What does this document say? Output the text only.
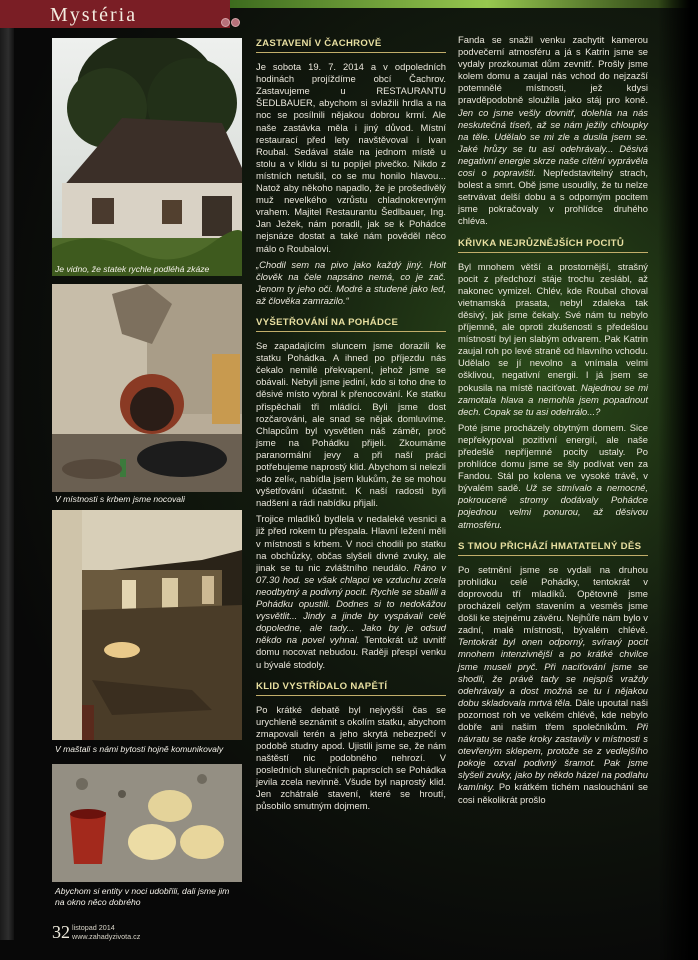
Mystéria
Je vidno, že statek rychle podléhá zkáze
V místnosti s krbem jsme nocovali
V maštali s námi bytosti hojně komunikovaly
Abychom si entity v noci udobřili, dali jsme jim na okno něco dobrého
ZASTAVENÍ V ČACHROVĚ

Je sobota 19. 7. 2014 a v odpoledních hodinách projíždíme obcí Čachrov. Zastavujeme u RESTAURANTU ŠEDLBAUER, abychom si svlažili hrdla a na noc se posílnili nějakou dobrou krmí. Ale naše zastávka měla i jiný důvod. Místní restaurací před lety navštěvoval i Ivan Roubal. Sedával stále na jednom místě u stolu a v klidu si tu popíjel pivečko. Nikdo z místních netušil, co se mu honilo hlavou... Natož aby někoho napadlo, že je prošedivělý muž nevelkého vzrůstu chladnokrevným vrahem. Majitel Restaurantu Šedlbauer, Ing. Jan Ježek, nám poradil, jak se k Pohádce nejsnáze dostat a také nám pověděl něco málo o Roubalovi.

„Chodil sem na pivo jako každý jiný. Holt člověk na čele napsáno nemá, co je zač. Jenom ty jeho oči. Modré a studené jako led, až člověka zamrazilo.“

VYŠETŘOVÁNÍ NA POHÁDCE

Se zapadajícím sluncem jsme dorazili ke statku Pohádka. A ihned po příjezdu nás čekalo nemilé překvapení, jehož jsme se obávali. Nebyli jsme jediní, kdo si toho dne to děsivé místo vybral k přenocování. Ke statku přispěchali tři mládíci. Byli jsme dost rozčarováni, ale snad se nějak domluvíme. Chlapcům byl vysvětlen náš záměr, proč jsme na Pohádku přijeli. Zkoumáme paranormální jevy a při naší práci potřebujeme naprostý klid. Abychom si nelezli »do zelí«, nabídla jsem klukům, že se mohou vyšetřování účastnit. K naší radosti byli nadšeni a rádi nabídku přijali.

Trojice mladíků bydlela v nedaleké vesnici a již před rokem tu přespala. Hlavní ležení měli v místnosti s krbem. V noci chodili po statku na obchůzky, občas slyšeli divné zvuky, ale jinak se tu nic zvláštního neudálo. Ráno v 07.30 hod. se však chlapci ve vzduchu zcela neodbytný a podivný pocit. Rychle se sbalili a Pohádku opustili. Dodnes si to nedokážou vysvětlit... Jindy a jinde by vyspávali celé dopoledne, ale tady... Jako by je odsud někdo na povel vyhnal. Tentokrát už uvnitř domu nocovat nebudou. Raději přespí venku u bývalé stodoly.

KLID VYSTŘÍDALO NAPĚTÍ

Po krátké debatě byl nejvyšší čas se urychleně seznámit s okolím statku, abychom zmapovali terén a jeho skrytá nebezpečí v podobě studny apod. Ujistili jsme se, že nám naštěstí nic podobného nehrozí. V posledních slunečních paprscích se Pohádka jevila zcela nevinně. Všude byl naprostý klid. Jen zchátralé stavení, které se hroutí, působilo smutným dojmem.

Fanda se snažil venku zachytit kamerou podvečerní atmosféru a já s Katrin jsme se vydaly prozkoumat dům zevnitř. Prošly jsme kolem domu a zaujal nás vchod do nejzazší potemnělé místnosti, jež kdysi pravděpodobně sloužila jako stáj pro koně. Jen co jsme vešly dovnitř, dolehla na nás neskutečná tíseň, až se nám ježily chloupky na těle. Udělalo se mi zle a dusila jsem se. Jaké hrůzy se tu asi odehrávaly... Děsivá negativní energie skrze naše cítění vyprávěla cosi o popravišti. Nepředstavitelný strach, bolest a smrt. Obě jsme usoudily, že tu nelze setrvávat delší dobu a s odporným pocitem jsme pokračovaly v prohlídce druhého chléva.

KŘIVKA NEJRŮZNĚJŠÍCH POCITŮ

Byl mnohem větší a prostornější, strašný pocit z předchozí stáje trochu zeslábl, až nakonec vymizel. Chlév, kde Roubal choval vietnamská prasata, nebyl zdaleka tak děsivý, jak jsme čekaly. Své nám tu nebylo příjemně, ale oproti zkušenosti s předešlou místností byl jen slabým odvarem. Pak Katrin zaujal roh po levé straně od hlavního vchodu. Udělalo se jí nevolno a vnímala velmi ošklivou, negativní energii. I já jsem se pokusila na místě naciťovat. Najednou se mi zamotala hlava a nemohla jsem popadnout dech. Copak se tu asi odehrálo...?

Poté jsme procházely obytným domem. Sice nepřekypoval pozitivní energií, ale naše předešlé nepříjemné pocity ustaly. Po prohlídce domu jsme se šly podívat ven za Fandou. Stál po kolena ve vysoké trávě, v bývalém sadě. Už se stmívalo a nemocné, pokroucené stromy dodávaly Pohádce pojednou velmi ponurou, až děsivou atmosféru.

S TMOU PŘICHÁZÍ HMATATELNÝ DĚS

Po setmění jsme se vydali na druhou prohlídku celé Pohádky, tentokrát v doprovodu tří mladíků. Opětovně jsme procházeli celým stavením a vesměs jsme došli ke stejnému závěru. Nejhůře nám bylo v zadní, malé místnosti, bývalém chlévě. Tentokrát byl onen odporný, svíravý pocit mnohem intenzivnější a po krátké chvilce jsme museli pryč. Při naciťování jsme se shodli, že právě tady se nejspíš vraždy odehrávaly a dost možná se tu i nějakou dobu skladovala mrtvá těla. Dále upoutal naši pozornost roh ve velkém chlévě, kde nebylo dobře ani našim třem společníkům. Při návratu se naše kroky zastavily v místnosti s otevřeným sklepem, protože se z vedlejšího pokoje ozval podivný šramot. Pak jsme slyšeli zvuky, jako by někdo házel na podlahu kamínky. Po krátkém tichém naslouchání se cosi několikrát prošlo

32 listopad 2014
www.zahadyzivota.cz
